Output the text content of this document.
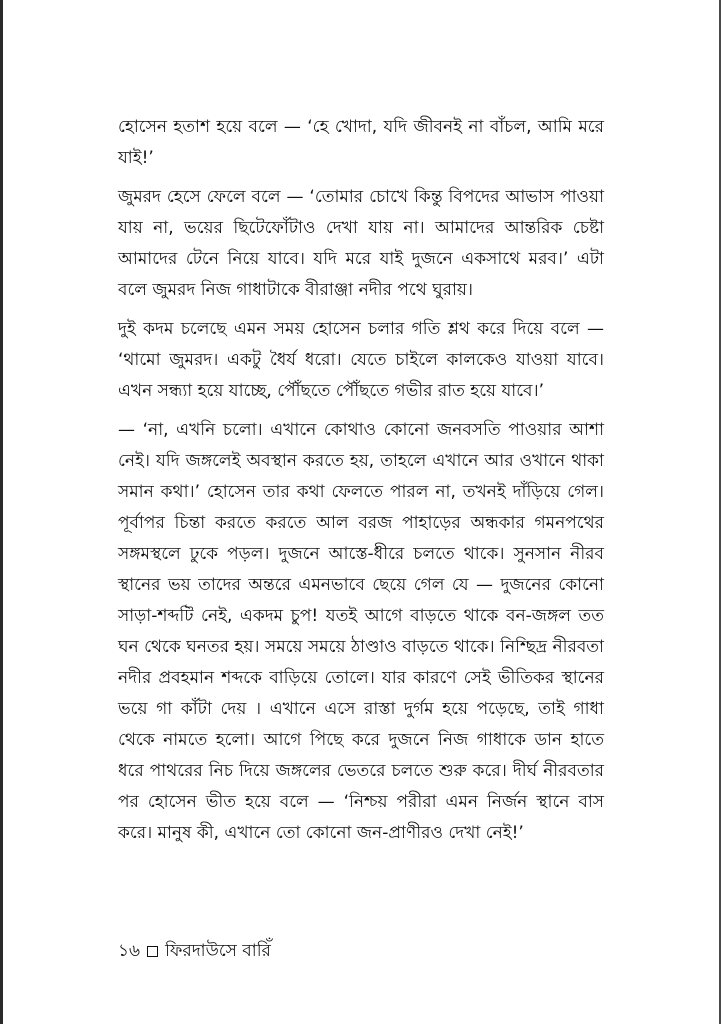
হোসেন হতাশ হয়ে বলে — ‘হে খোদা, যদি জীবনই না বাঁচল, আমি মরে যাই!’

জুমরদ হেসে ফেলে বলে — ‘তোমার চোখে কিন্তু বিপদের আভাস পাওয়া যায় না, ভয়ের ছিটেফোঁটাও দেখা যায় না। আমাদের আন্তরিক চেষ্টা আমাদের টেনে নিয়ে যাবে। যদি মরে যাই দুজনে একসাথে মরব।’ এটা বলে জুমরদ নিজ গাধাটাকে বীরাঞ্জা নদীর পথে ঘুরায়।

দুই কদম চলেছে এমন সময় হোসেন চলার গতি শ্লথ করে দিয়ে বলে — ‘থামো জুমরদ। একটু ধৈর্য ধরো। যেতে চাইলে কালকেও যাওয়া যাবে। এখন সন্ধ্যা হয়ে যাচ্ছে, পৌঁছতে পৌঁছতে গভীর রাত হয়ে যাবে।’

— ‘না, এখনি চলো। এখানে কোথাও কোনো জনবসতি পাওয়ার আশা নেই। যদি জঙ্গলেই অবস্থান করতে হয়, তাহলে এখানে আর ওখানে থাকা সমান কথা।’ হোসেন তার কথা ফেলতে পারল না, তখনই দাঁড়িয়ে গেল। পূর্বাপর চিন্তা করতে করতে আল বরজ পাহাড়ের অন্ধকার গমনপথের সঙ্গমস্থলে ঢুকে পড়ল। দুজনে আস্তে-ধীরে চলতে থাকে। সুনসান নীরব স্থানের ভয় তাদের অন্তরে এমনভাবে ছেয়ে গেল যে — দুজনের কোনো সাড়া-শব্দটি নেই, একদম চুপ! যতই আগে বাড়তে থাকে বন-জঙ্গল তত ঘন থেকে ঘনতর হয়। সময়ে সময়ে ঠাণ্ডাও বাড়তে থাকে। নিশ্ছিদ্র নীরবতা নদীর প্রবহমান শব্দকে বাড়িয়ে তোলে। যার কারণে সেই ভীতিকর স্থানের ভয়ে গা কাঁটা দেয় । এখানে এসে রাস্তা দুর্গম হয়ে পড়েছে, তাই গাধা থেকে নামতে হলো। আগে পিছে করে দুজনে নিজ গাধাকে ডান হাতে ধরে পাথরের নিচ দিয়ে জঙ্গলের ভেতরে চলতে শুরু করে। দীর্ঘ নীরবতার পর হোসেন ভীত হয়ে বলে — ‘নিশ্চয় পরীরা এমন নির্জন স্থানে বাস করে। মানুষ কী, এখানে তো কোনো জন-প্রাণীরও দেখা নেই!’

১৬ ফিরদাউসে বারিঁ
